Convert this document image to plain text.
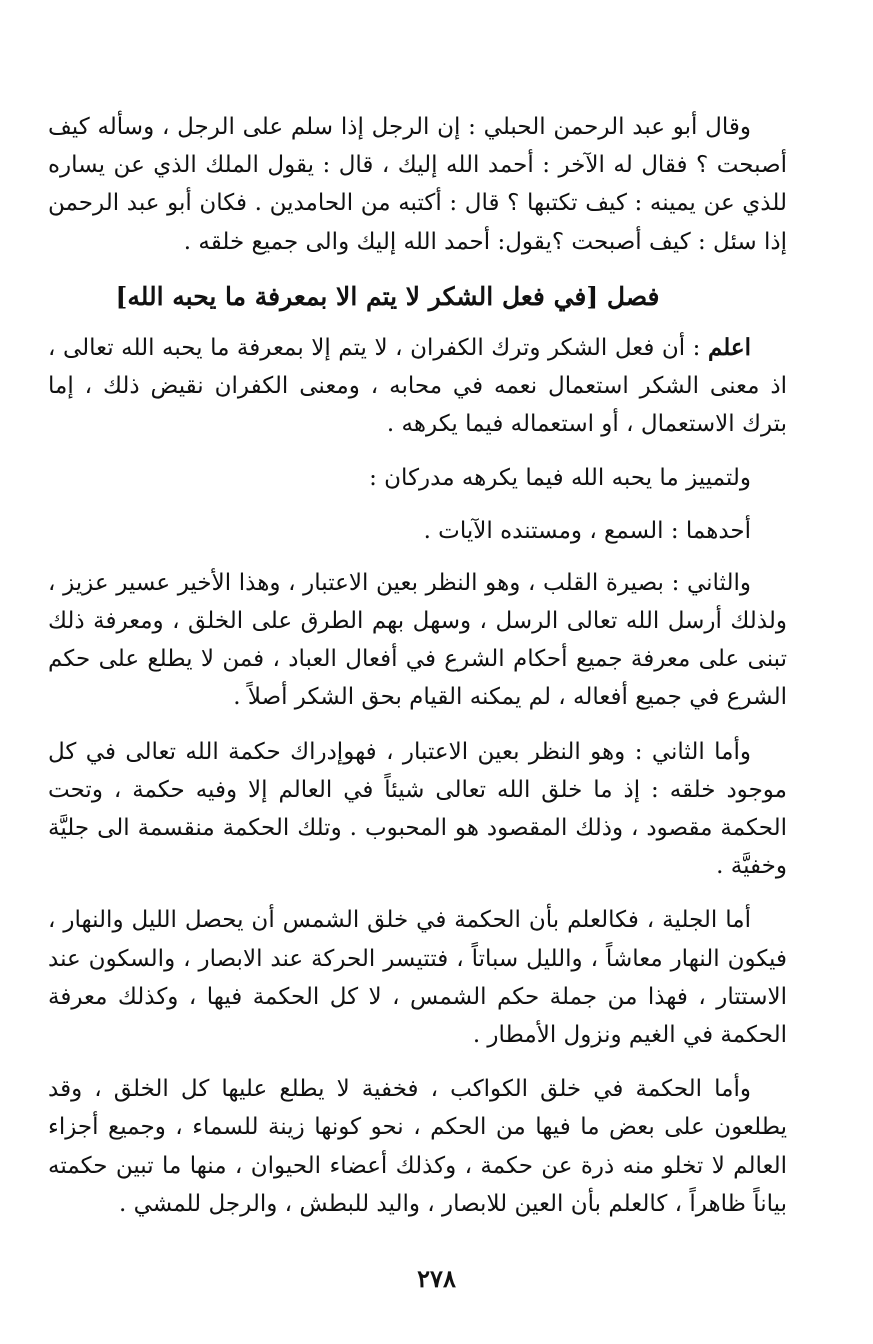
وقال أبو عبد الرحمن الحبلي : إن الرجل إذا سلم على الرجل ، وسأله كيف أصبحت ؟ فقال له الآخر : أحمد الله إليك ، قال : يقول الملك الذي عن يساره للذي عن يمينه : كيف تكتبها ؟ قال : أكتبه من الحامدين . فكان أبو عبد الرحمن إذا سئل : كيف أصبحت ؟يقول: أحمد الله إليك والى جميع خلقه .

فصل [في فعل الشكر لا يتم الا بمعرفة ما يحبه الله]

اعلم : أن فعل الشكر وترك الكفران ، لا يتم إلا بمعرفة ما يحبه الله تعالى ، اذ معنى الشكر استعمال نعمه في محابه ، ومعنى الكفران نقيض ذلك ، إما بترك الاستعمال ، أو استعماله فيما يكرهه .

ولتمييز ما يحبه الله فيما يكرهه مدركان :

أحدهما : السمع ، ومستنده الآيات .

والثاني : بصيرة القلب ، وهو النظر بعين الاعتبار ، وهذا الأخير عسير عزيز ، ولذلك أرسل الله تعالى الرسل ، وسهل بهم الطرق على الخلق ، ومعرفة ذلك تبنى على معرفة جميع أحكام الشرع في أفعال العباد ، فمن لا يطلع على حكم الشرع في جميع أفعاله ، لم يمكنه القيام بحق الشكر أصلاً .

وأما الثاني : وهو النظر بعين الاعتبار ، فهوإدراك حكمة الله تعالى في كل موجود خلقه : إذ ما خلق الله تعالى شيئاً في العالم إلا وفيه حكمة ، وتحت الحكمة مقصود ، وذلك المقصود هو المحبوب . وتلك الحكمة منقسمة الى جليَّة وخفيَّة .

أما الجلية ، فكالعلم بأن الحكمة في خلق الشمس أن يحصل الليل والنهار ، فيكون النهار معاشاً ، والليل سباتاً ، فتتيسر الحركة عند الابصار ، والسكون عند الاستتار ، فهذا من جملة حكم الشمس ، لا كل الحكمة فيها ، وكذلك معرفة الحكمة في الغيم ونزول الأمطار .

وأما الحكمة في خلق الكواكب ، فخفية لا يطلع عليها كل الخلق ، وقد يطلعون على بعض ما فيها من الحكم ، نحو كونها زينة للسماء ، وجميع أجزاء العالم لا تخلو منه ذرة عن حكمة ، وكذلك أعضاء الحيوان ، منها ما تبين حكمته بياناً ظاهراً ، كالعلم بأن العين للابصار ، واليد للبطش ، والرجل للمشي .

٢٧٨
